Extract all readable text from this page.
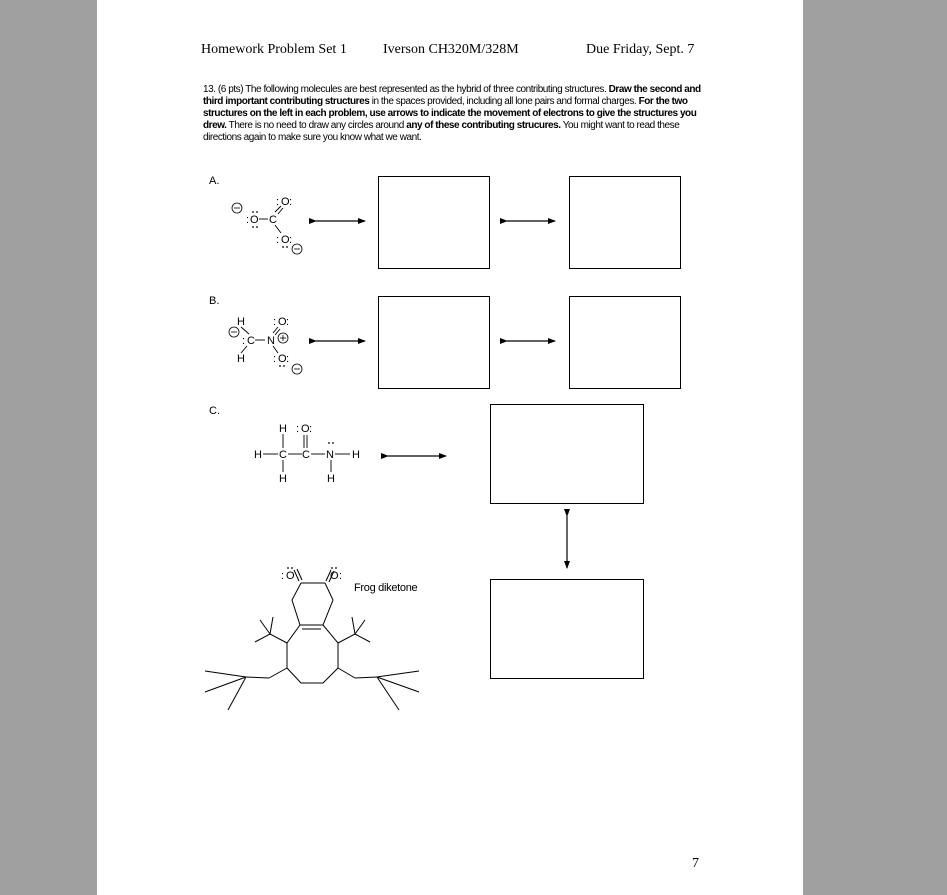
Homework Problem Set 1	Iverson CH320M/328M	Due Friday, Sept. 7
13. (6 pts) The following molecules are best represented as the hybrid of three contributing structures. Draw the second and third important contributing structures in the spaces provided, including all lone pairs and formal charges. For the two structures on the left in each problem, use arrows to indicate the movement of electrons to give the structures you drew. There is no need to draw any circles around any of these contributing strucures. You might want to read these directions again to make sure you know what we want.
A.
B.
C.
: O C
: O :
: O :
H
: C N
H
: O :
: O :
H
H C
H
: O :
C N H
H
: O	O :
Frog diketone
7
